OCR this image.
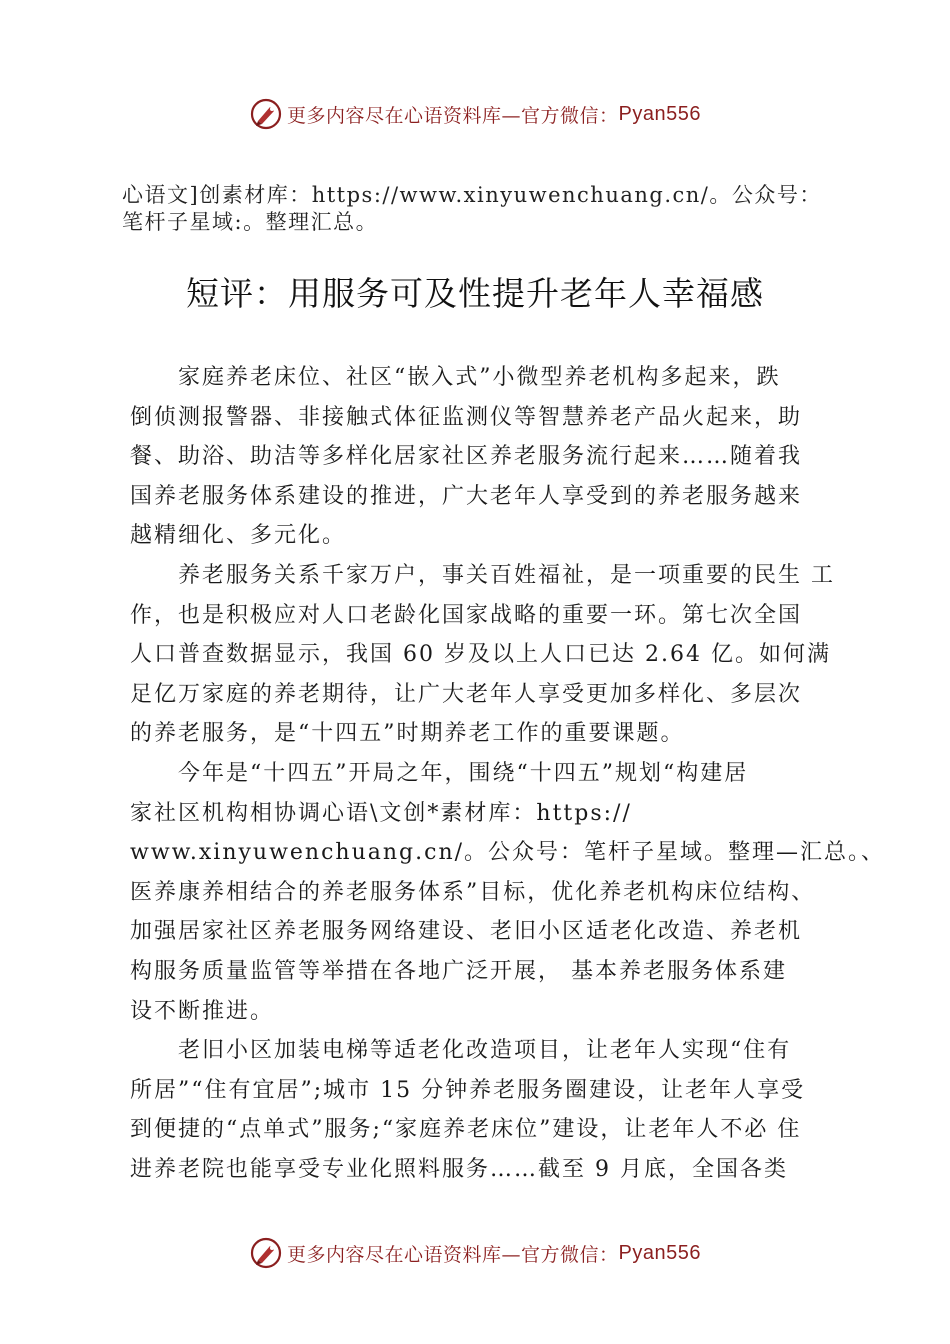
更多内容尽在心语资料库—官方微信： Pyan556
心语文]创素材库：https://www.xinyuwenchuang.cn/。公众号：
笔杆子星域:。整理汇总。
短评：用服务可及性提升老年人幸福感
　　家庭养老床位、社区“嵌入式”小微型养老机构多起来，跌
倒侦测报警器、非接触式体征监测仪等智慧养老产品火起来，助
餐、助浴、助洁等多样化居家社区养老服务流行起来……随着我
国养老服务体系建设的推进，广大老年人享受到的养老服务越来
越精细化、多元化。
　　养老服务关系千家万户，事关百姓福祉，是一项重要的民生 工
作，也是积极应对人口老龄化国家战略的重要一环。第七次全国
人口普查数据显示，我国 60 岁及以上人口已达 2.64 亿。如何满
足亿万家庭的养老期待，让广大老年人享受更加多样化、多层次
的养老服务，是“十四五”时期养老工作的重要课题。
　　今年是“十四五”开局之年，围绕“十四五”规划“构建居
家社区机构相协调心语\文创*素材库：https://
www.xinyuwenchuang.cn/。公众号：笔杆子星域。整理—汇总。、
医养康养相结合的养老服务体系”目标，优化养老机构床位结构、
加强居家社区养老服务网络建设、老旧小区适老化改造、养老机
构服务质量监管等举措在各地广泛开展， 基本养老服务体系建
设不断推进。
　　老旧小区加装电梯等适老化改造项目，让老年人实现“住有
所居”“住有宜居”;城市 15 分钟养老服务圈建设，让老年人享受
到便捷的“点单式”服务;“家庭养老床位”建设，让老年人不必 住
进养老院也能享受专业化照料服务……截至 9 月底，全国各类
更多内容尽在心语资料库—官方微信： Pyan556
